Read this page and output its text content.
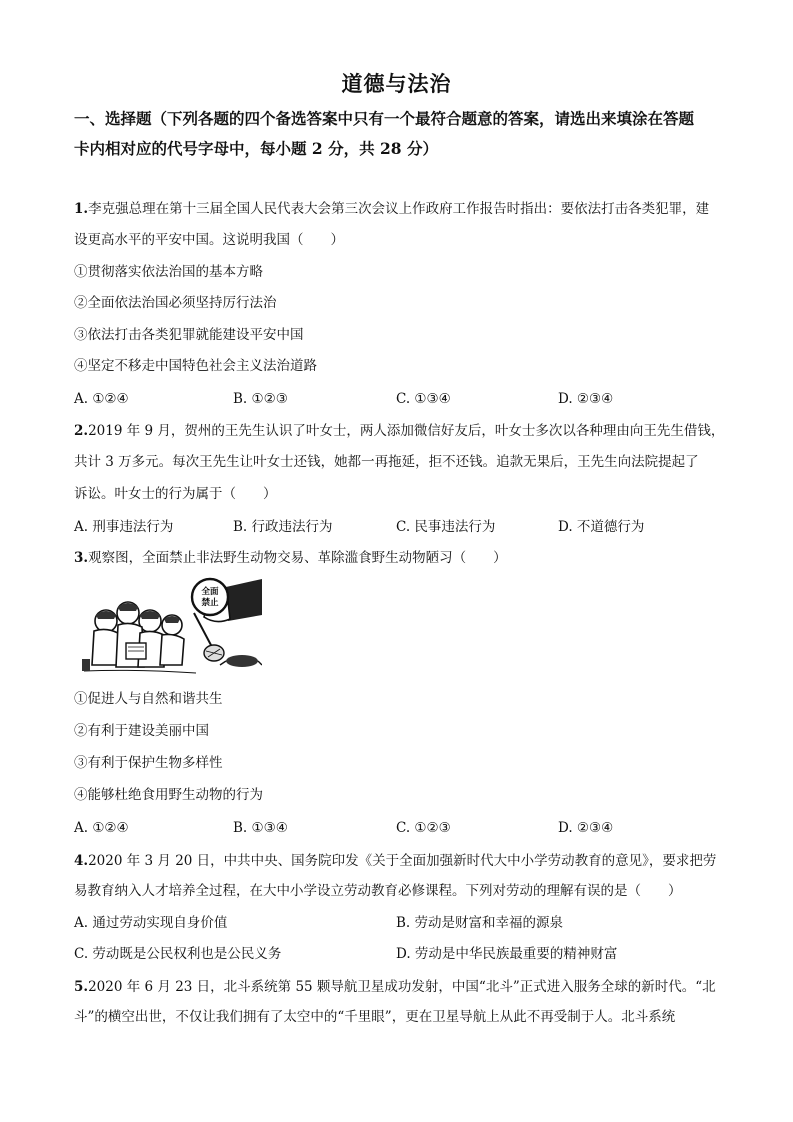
道德与法治
一、选择题（下列各题的四个备选答案中只有一个最符合题意的答案，请选出来填涂在答题
卡内相对应的代号字母中，每小题 2 分，共 28 分）
1.李克强总理在第十三届全国人民代表大会第三次会议上作政府工作报告时指出：要依法打击各类犯罪，建
设更高水平的平安中国。这说明我国（　　）
①贯彻落实依法治国的基本方略
②全面依法治国必须坚持厉行法治
③依法打击各类犯罪就能建设平安中国
④坚定不移走中国特色社会主义法治道路
A. ①②④	B. ①②③	C. ①③④	D. ②③④
2.2019 年 9 月，贺州的王先生认识了叶女士，两人添加微信好友后，叶女士多次以各种理由向王先生借钱，
共计 3 万多元。每次王先生让叶女士还钱，她都一再拖延，拒不还钱。追款无果后，王先生向法院提起了
诉讼。叶女士的行为属于（　　）
A. 刑事违法行为	B. 行政违法行为	C. 民事违法行为	D. 不道德行为
3.观察图，全面禁止非法野生动物交易、革除滥食野生动物陋习（　　）
全面
禁止
①促进人与自然和谐共生
②有利于建设美丽中国
③有利于保护生物多样性
④能够杜绝食用野生动物的行为
A. ①②④	B. ①③④	C. ①②③	D. ②③④
4.2020 年 3 月 20 日，中共中央、国务院印发《关于全面加强新时代大中小学劳动教育的意见》，要求把劳
易教育纳入人才培养全过程，在大中小学设立劳动教育必修课程。下列对劳动的理解有误的是（　　）
A. 通过劳动实现自身价值	B. 劳动是财富和幸福的源泉
C. 劳动既是公民权利也是公民义务	D. 劳动是中华民族最重要的精神财富
5.2020 年 6 月 23 日，北斗系统第 55 颗导航卫星成功发射，中国“北斗”正式进入服务全球的新时代。“北
斗”的横空出世，不仅让我们拥有了太空中的“千里眼”，更在卫星导航上从此不再受制于人。北斗系统
